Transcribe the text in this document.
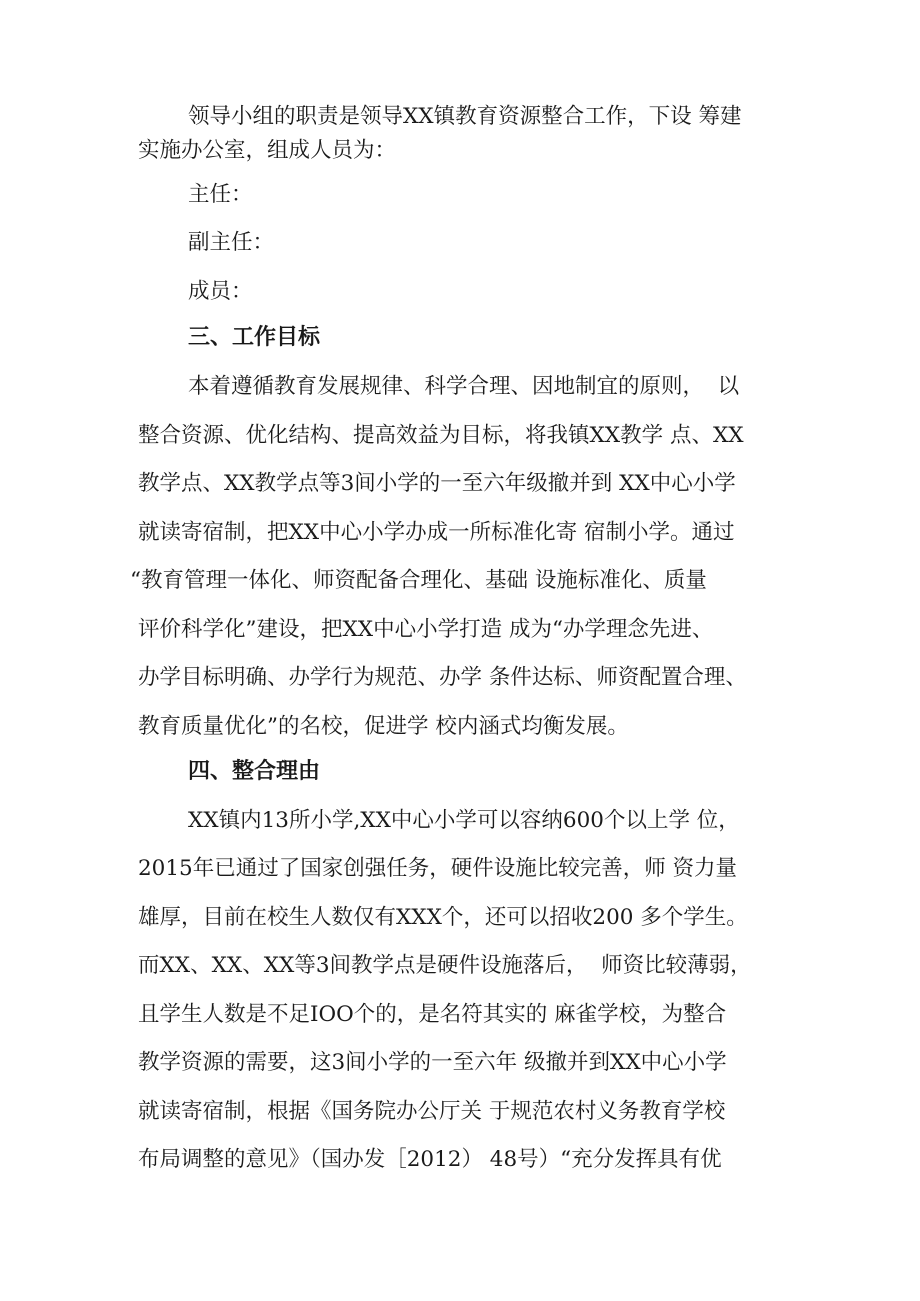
领导小组的职责是领导XX镇教育资源整合工作，下设 筹建
实施办公室，组成人员为：
主任：
副主任：
成员：
三、工作目标
本着遵循教育发展规律、科学合理、因地制宜的原则，  以
整合资源、优化结构、提高效益为目标，将我镇XX教学 点、XX
教学点、XX教学点等3间小学的一至六年级撤并到 XX中心小学
就读寄宿制，把XX中心小学办成一所标准化寄 宿制小学。通过
“教育管理一体化、师资配备合理化、基础 设施标准化、质量
评价科学化”建设，把XX中心小学打造 成为“办学理念先进、
办学目标明确、办学行为规范、办学 条件达标、师资配置合理、
教育质量优化”的名校，促进学 校内涵式均衡发展。
四、整合理由
XX镇内13所小学,XX中心小学可以容纳600个以上学 位，
2015年已通过了国家创强任务，硬件设施比较完善，师 资力量
雄厚，目前在校生人数仅有XXX个，还可以招收200 多个学生。
而XX、XX、XX等3间教学点是硬件设施落后，  师资比较薄弱，
且学生人数是不足IOO个的，是名符其实的 麻雀学校，为整合
教学资源的需要，这3间小学的一至六年 级撤并到XX中心小学
就读寄宿制，根据《国务院办公厅关 于规范农村义务教育学校
布局调整的意见》（国办发［2012） 48号）“充分发挥具有优
